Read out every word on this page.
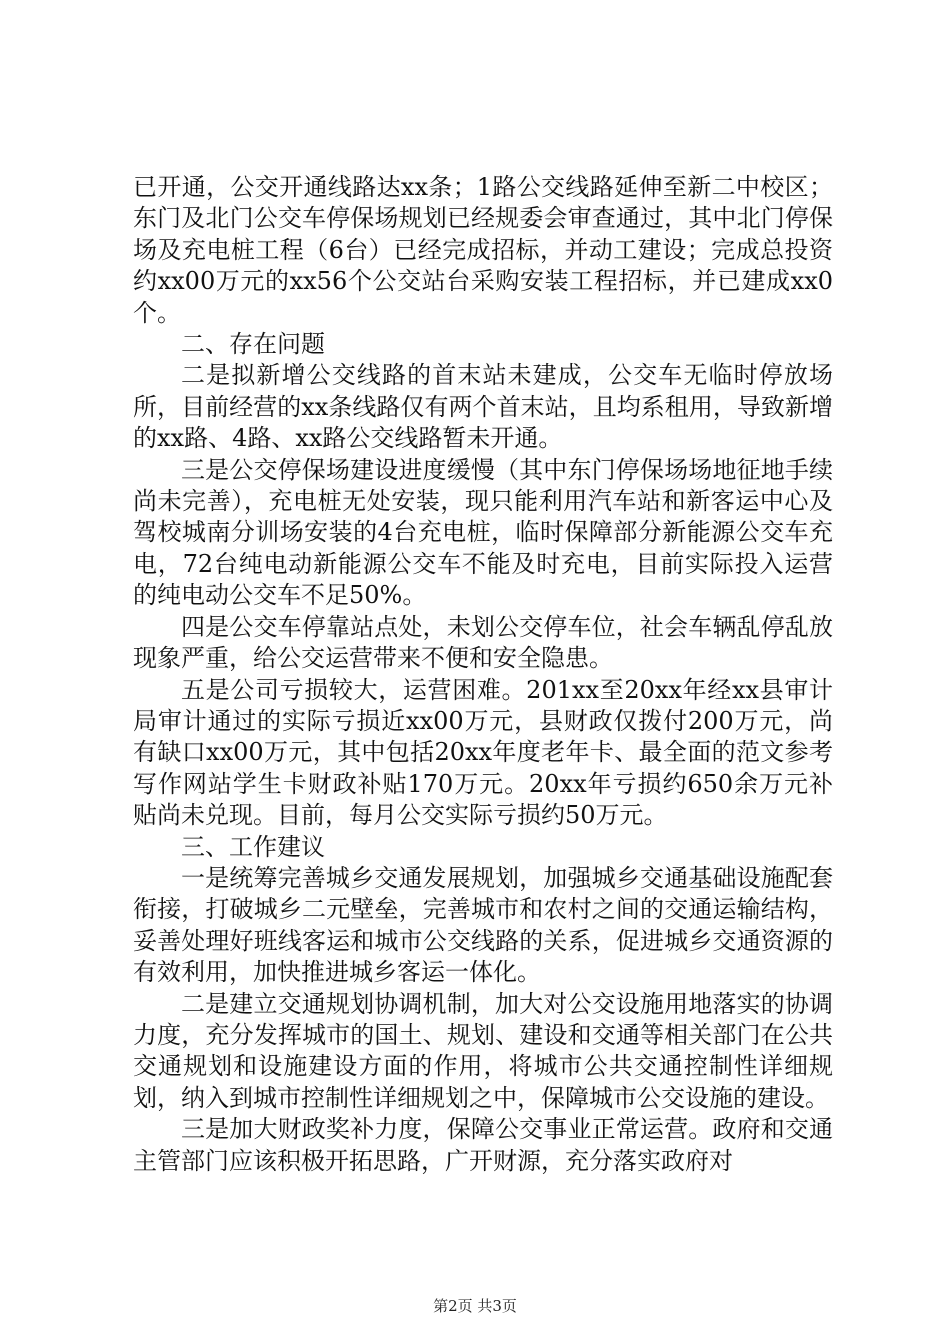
已开通，公交开通线路达xx条；1路公交线路延伸至新二中校区；东门及北门公交车停保场规划已经规委会审查通过，其中北门停保场及充电桩工程（6台）已经完成招标，并动工建设；完成总投资约xx00万元的xx56个公交站台采购安装工程招标，并已建成xx0个。

二、存在问题

二是拟新增公交线路的首末站未建成，公交车无临时停放场所，目前经营的xx条线路仅有两个首末站，且均系租用，导致新增的xx路、4路、xx路公交线路暂未开通。

三是公交停保场建设进度缓慢（其中东门停保场场地征地手续尚未完善），充电桩无处安装，现只能利用汽车站和新客运中心及驾校城南分训场安装的4台充电桩，临时保障部分新能源公交车充电，72台纯电动新能源公交车不能及时充电，目前实际投入运营的纯电动公交车不足50%。

四是公交车停靠站点处，未划公交停车位，社会车辆乱停乱放现象严重，给公交运营带来不便和安全隐患。

五是公司亏损较大，运营困难。201xx至20xx年经xx县审计局审计通过的实际亏损近xx00万元，县财政仅拨付200万元，尚有缺口xx00万元，其中包括20xx年度老年卡、最全面的范文参考写作网站学生卡财政补贴170万元。20xx年亏损约650余万元补贴尚未兑现。目前，每月公交实际亏损约50万元。

三、工作建议

一是统筹完善城乡交通发展规划，加强城乡交通基础设施配套衔接，打破城乡二元壁垒，完善城市和农村之间的交通运输结构，妥善处理好班线客运和城市公交线路的关系，促进城乡交通资源的有效利用，加快推进城乡客运一体化。

二是建立交通规划协调机制，加大对公交设施用地落实的协调力度，充分发挥城市的国土、规划、建设和交通等相关部门在公共交通规划和设施建设方面的作用，将城市公共交通控制性详细规划，纳入到城市控制性详细规划之中，保障城市公交设施的建设。

三是加大财政奖补力度，保障公交事业正常运营。政府和交通主管部门应该积极开拓思路，广开财源，充分落实政府对

第2页 共3页
